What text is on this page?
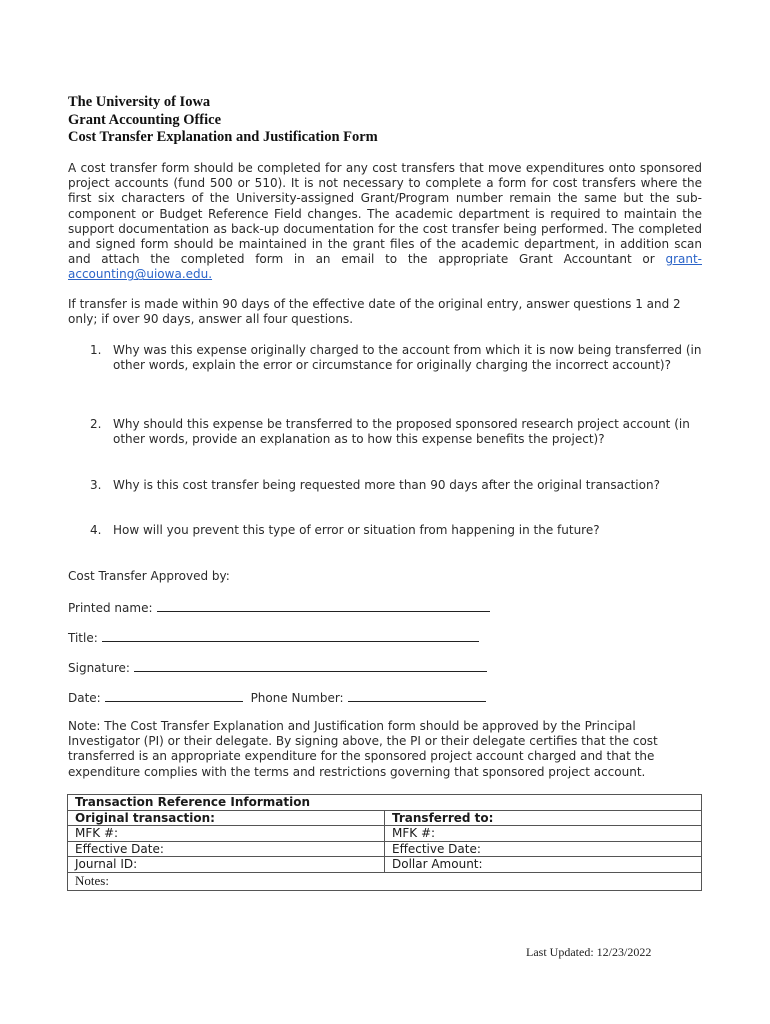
The University of Iowa
Grant Accounting Office
Cost Transfer Explanation and Justification Form
A cost transfer form should be completed for any cost transfers that move expenditures onto sponsored project accounts (fund 500 or 510). It is not necessary to complete a form for cost transfers where the first six characters of the University-assigned Grant/Program number remain the same but the sub-component or Budget Reference Field changes. The academic department is required to maintain the support documentation as back-up documentation for the cost transfer being performed. The completed and signed form should be maintained in the grant files of the academic department, in addition scan and attach the completed form in an email to the appropriate Grant Accountant or grant-accounting@uiowa.edu.
If transfer is made within 90 days of the effective date of the original entry, answer questions 1 and 2 only; if over 90 days, answer all four questions.
1. Why was this expense originally charged to the account from which it is now being transferred (in other words, explain the error or circumstance for originally charging the incorrect account)?
2. Why should this expense be transferred to the proposed sponsored research project account (in other words, provide an explanation as to how this expense benefits the project)?
3. Why is this cost transfer being requested more than 90 days after the original transaction?
4. How will you prevent this type of error or situation from happening in the future?
Cost Transfer Approved by:
Printed name:
Title:
Signature:
Date:	Phone Number:
Note: The Cost Transfer Explanation and Justification form should be approved by the Principal Investigator (PI) or their delegate. By signing above, the PI or their delegate certifies that the cost transferred is an appropriate expenditure for the sponsored project account charged and that the expenditure complies with the terms and restrictions governing that sponsored project account.
Transaction Reference Information	
Original transaction:	Transferred to:
MFK #:	MFK #:
Effective Date:	Effective Date:
Journal ID:	Dollar Amount:
Notes:	
Last Updated: 12/23/2022
